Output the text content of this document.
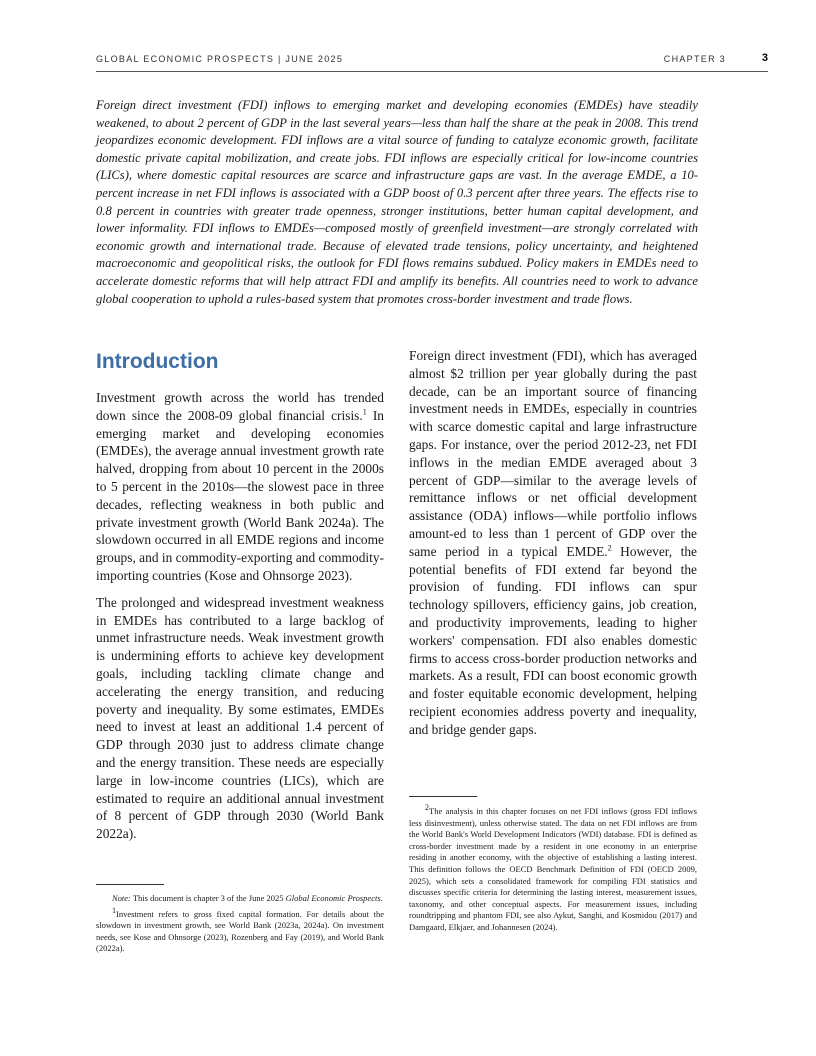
GLOBAL ECONOMIC PROSPECTS | JUNE 2025	CHAPTER 3	3

Foreign direct investment (FDI) inflows to emerging market and developing economies (EMDEs) have steadily weakened, to about 2 percent of GDP in the last several years—less than half the share at the peak in 2008. This trend jeopardizes economic development. FDI inflows are a vital source of funding to catalyze economic growth, facilitate domestic private capital mobilization, and create jobs. FDI inflows are especially critical for low-income countries (LICs), where domestic capital resources are scarce and infrastructure gaps are vast. In the average EMDE, a 10-percent increase in net FDI inflows is associated with a GDP boost of 0.3 percent after three years. The effects rise to 0.8 percent in countries with greater trade openness, stronger institutions, better human capital development, and lower informality. FDI inflows to EMDEs—composed mostly of greenfield investment—are strongly correlated with economic growth and international trade. Because of elevated trade tensions, policy uncertainty, and heightened macroeconomic and geopolitical risks, the outlook for FDI flows remains subdued. Policy makers in EMDEs need to accelerate domestic reforms that will help attract FDI and amplify its benefits. All countries need to work to advance global cooperation to uphold a rules-based system that promotes cross-border investment and trade flows.

Introduction

Investment growth across the world has trended down since the 2008-09 global financial crisis.$^1$ In emerging market and developing economies (EMDEs), the average annual investment growth rate halved, dropping from about 10 percent in the 2000s to 5 percent in the 2010s—the slowest pace in three decades, reflecting weakness in both public and private investment growth (World Bank 2024a). The slowdown occurred in all EMDE regions and income groups, and in commodity-exporting and commodity-importing countries (Kose and Ohnsorge 2023).

The prolonged and widespread investment weakness in EMDEs has contributed to a large backlog of unmet infrastructure needs. Weak investment growth is undermining efforts to achieve key development goals, including tackling climate change and accelerating the energy transition, and reducing poverty and inequality. By some estimates, EMDEs need to invest at least an additional 1.4 percent of GDP through 2030 just to address climate change and the energy transition. These needs are especially large in low-income countries (LICs), which are estimated to require an additional annual investment of 8 percent of GDP through 2030 (World Bank 2022a).

Foreign direct investment (FDI), which has averaged almost $2 trillion per year globally during the past decade, can be an important source of financing investment needs in EMDEs, especially in countries with scarce domestic capital and large infrastructure gaps. For instance, over the period 2012-23, net FDI inflows in the median EMDE averaged about 3 percent of GDP—similar to the average levels of remittance inflows or net official development assistance (ODA) inflows—while portfolio inflows amount-ed to less than 1 percent of GDP over the same period in a typical EMDE.$^2$ However, the potential benefits of FDI extend far beyond the provision of funding. FDI inflows can spur technology spillovers, efficiency gains, job creation, and productivity improvements, leading to higher workers' compensation. FDI also enables domestic firms to access cross-border production networks and markets. As a result, FDI can boost economic growth and foster equitable economic development, helping recipient economies address poverty and inequality, and bridge gender gaps.

Note: This document is chapter 3 of the June 2025 Global Economic Prospects.

$^1$Investment refers to gross fixed capital formation. For details about the slowdown in investment growth, see World Bank (2023a, 2024a). On investment needs, see Kose and Ohnsorge (2023), Rozenberg and Fay (2019), and World Bank (2022a).

$^2$The analysis in this chapter focuses on net FDI inflows (gross FDI inflows less disinvestment), unless otherwise stated. The data on net FDI inflows are from the World Bank's World Development Indicators (WDI) database. FDI is defined as cross-border investment made by a resident in one economy in an enterprise residing in another economy, with the objective of establishing a lasting interest. This definition follows the OECD Benchmark Definition of FDI (OECD 2009, 2025), which sets a consolidated framework for compiling FDI statistics and discusses specific criteria for determining the lasting interest, measurement issues, taxonomy, and other conceptual aspects. For measurement issues, including roundtripping and phantom FDI, see also Aykut, Sanghi, and Kosmidou (2017) and Damgaard, Elkjaer, and Johannesen (2024).
